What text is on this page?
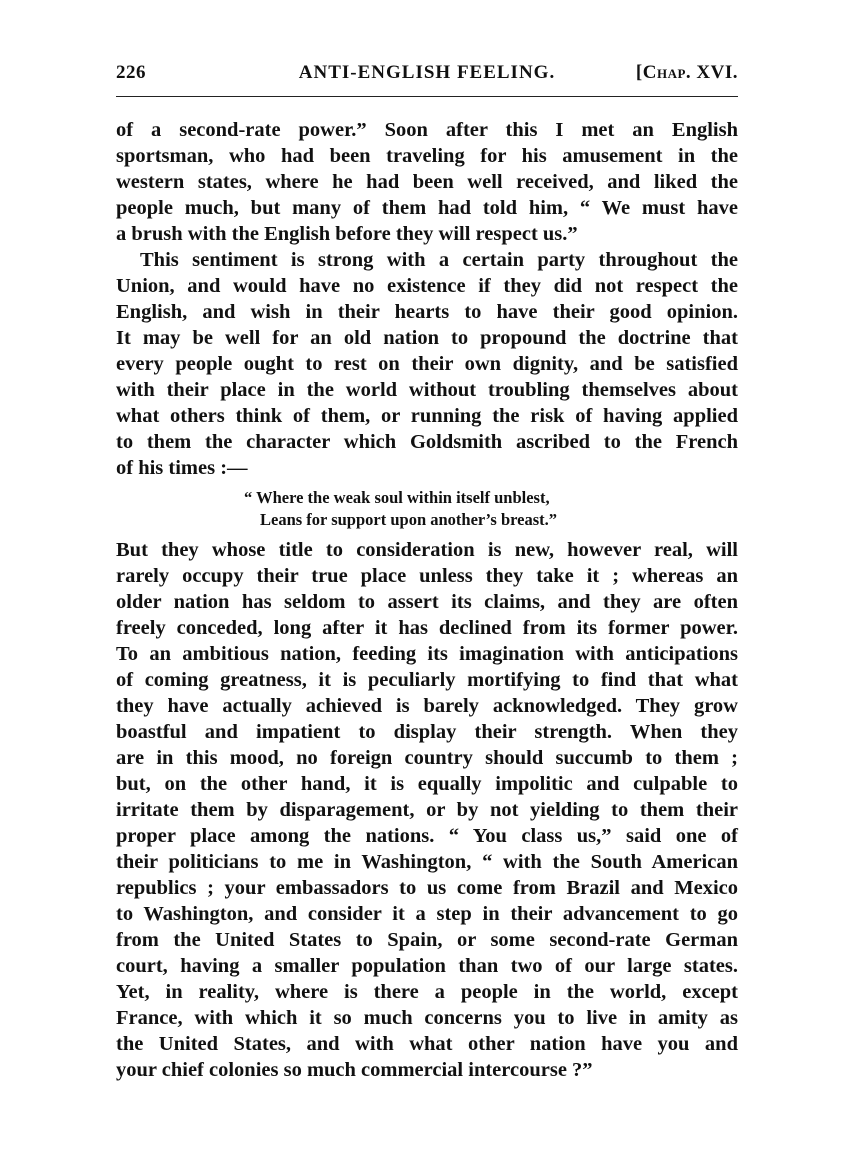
226	ANTI-ENGLISH FEELING.	[Chap. XVI.
of a second-rate power.” Soon after this I met an English
sportsman, who had been traveling for his amusement in the
western states, where he had been well received, and liked the
people much, but many of them had told him, “ We must have
a brush with the English before they will respect us.”
This sentiment is strong with a certain party throughout the
Union, and would have no existence if they did not respect the
English, and wish in their hearts to have their good opinion.
It may be well for an old nation to propound the doctrine that
every people ought to rest on their own dignity, and be satisfied
with their place in the world without troubling themselves about
what others think of them, or running the risk of having applied
to them the character which Goldsmith ascribed to the French
of his times :—
“ Where the weak soul within itself unblest,
Leans for support upon another’s breast.”
But they whose title to consideration is new, however real, will
rarely occupy their true place unless they take it ; whereas an
older nation has seldom to assert its claims, and they are often
freely conceded, long after it has declined from its former power.
To an ambitious nation, feeding its imagination with anticipations
of coming greatness, it is peculiarly mortifying to find that what
they have actually achieved is barely acknowledged. They grow
boastful and impatient to display their strength. When they
are in this mood, no foreign country should succumb to them ;
but, on the other hand, it is equally impolitic and culpable to
irritate them by disparagement, or by not yielding to them their
proper place among the nations. “ You class us,” said one of
their politicians to me in Washington, “ with the South American
republics ; your embassadors to us come from Brazil and Mexico
to Washington, and consider it a step in their advancement to go
from the United States to Spain, or some second-rate German
court, having a smaller population than two of our large states.
Yet, in reality, where is there a people in the world, except
France, with which it so much concerns you to live in amity as
the United States, and with what other nation have you and
your chief colonies so much commercial intercourse ?”
